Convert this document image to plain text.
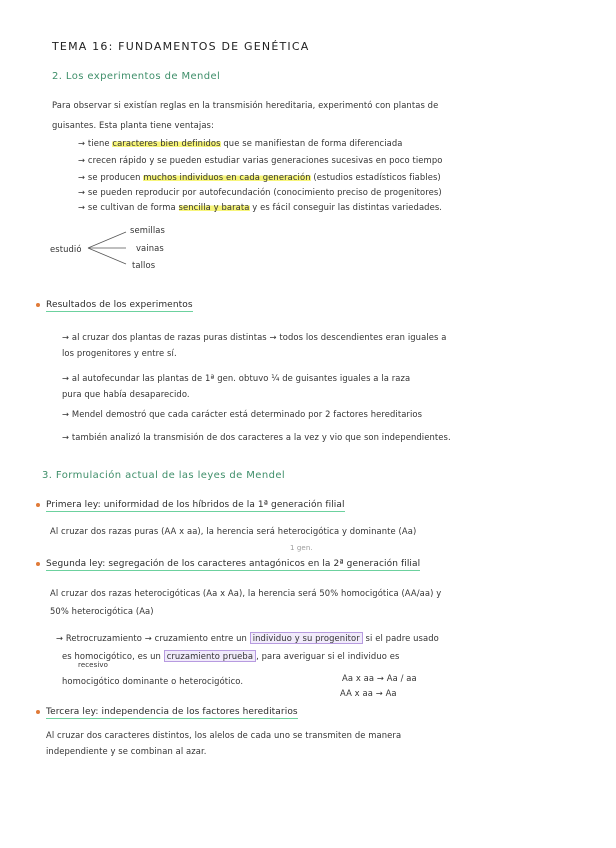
TEMA 16: FUNDAMENTOS DE GENÉTICA
2. Los experimentos de Mendel
Para observar si existían reglas en la transmisión hereditaria, experimentó con plantas de
guisantes. Esta planta tiene ventajas:
→ tiene caracteres bien definidos que se manifiestan de forma diferenciada
→ crecen rápido y se pueden estudiar varias generaciones sucesivas en poco tiempo
→ se producen muchos individuos en cada generación (estudios estadísticos fiables)
→ se pueden reproducir por autofecundación (conocimiento preciso de progenitores)
→ se cultivan de forma sencilla y barata y es fácil conseguir las distintas variedades.
estudió
semillas
vainas
tallos
Resultados de los experimentos
→ al cruzar dos plantas de razas puras distintas → todos los descendientes eran iguales a
los progenitores y entre sí.
→ al autofecundar las plantas de 1ª gen. obtuvo ¼ de guisantes iguales a la raza
pura que había desaparecido.
→ Mendel demostró que cada carácter está determinado por 2 factores hereditarios
→ también analizó la transmisión de dos caracteres a la vez y vio que son independientes.
3. Formulación actual de las leyes de Mendel
Primera ley: uniformidad de los híbridos de la 1ª generación filial
Al cruzar dos razas puras (AA x aa), la herencia será heterocigótica y dominante (Aa)
1 gen.
Segunda ley: segregación de los caracteres antagónicos en la 2ª generación filial
Al cruzar dos razas heterocigóticas (Aa x Aa), la herencia será 50% homocigótica (AA/aa) y
50% heterocigótica (Aa)
→ Retrocruzamiento → cruzamiento entre un individuo y su progenitor si el padre usado
es homocigótico, es un cruzamiento prueba , para averiguar si el individuo es
recesivo
homocigótico dominante o heterocigótico.	Aa x aa → Aa / aa
AA x aa → Aa
Tercera ley: independencia de los factores hereditarios
Al cruzar dos caracteres distintos, los alelos de cada uno se transmiten de manera
independiente y se combinan al azar.
